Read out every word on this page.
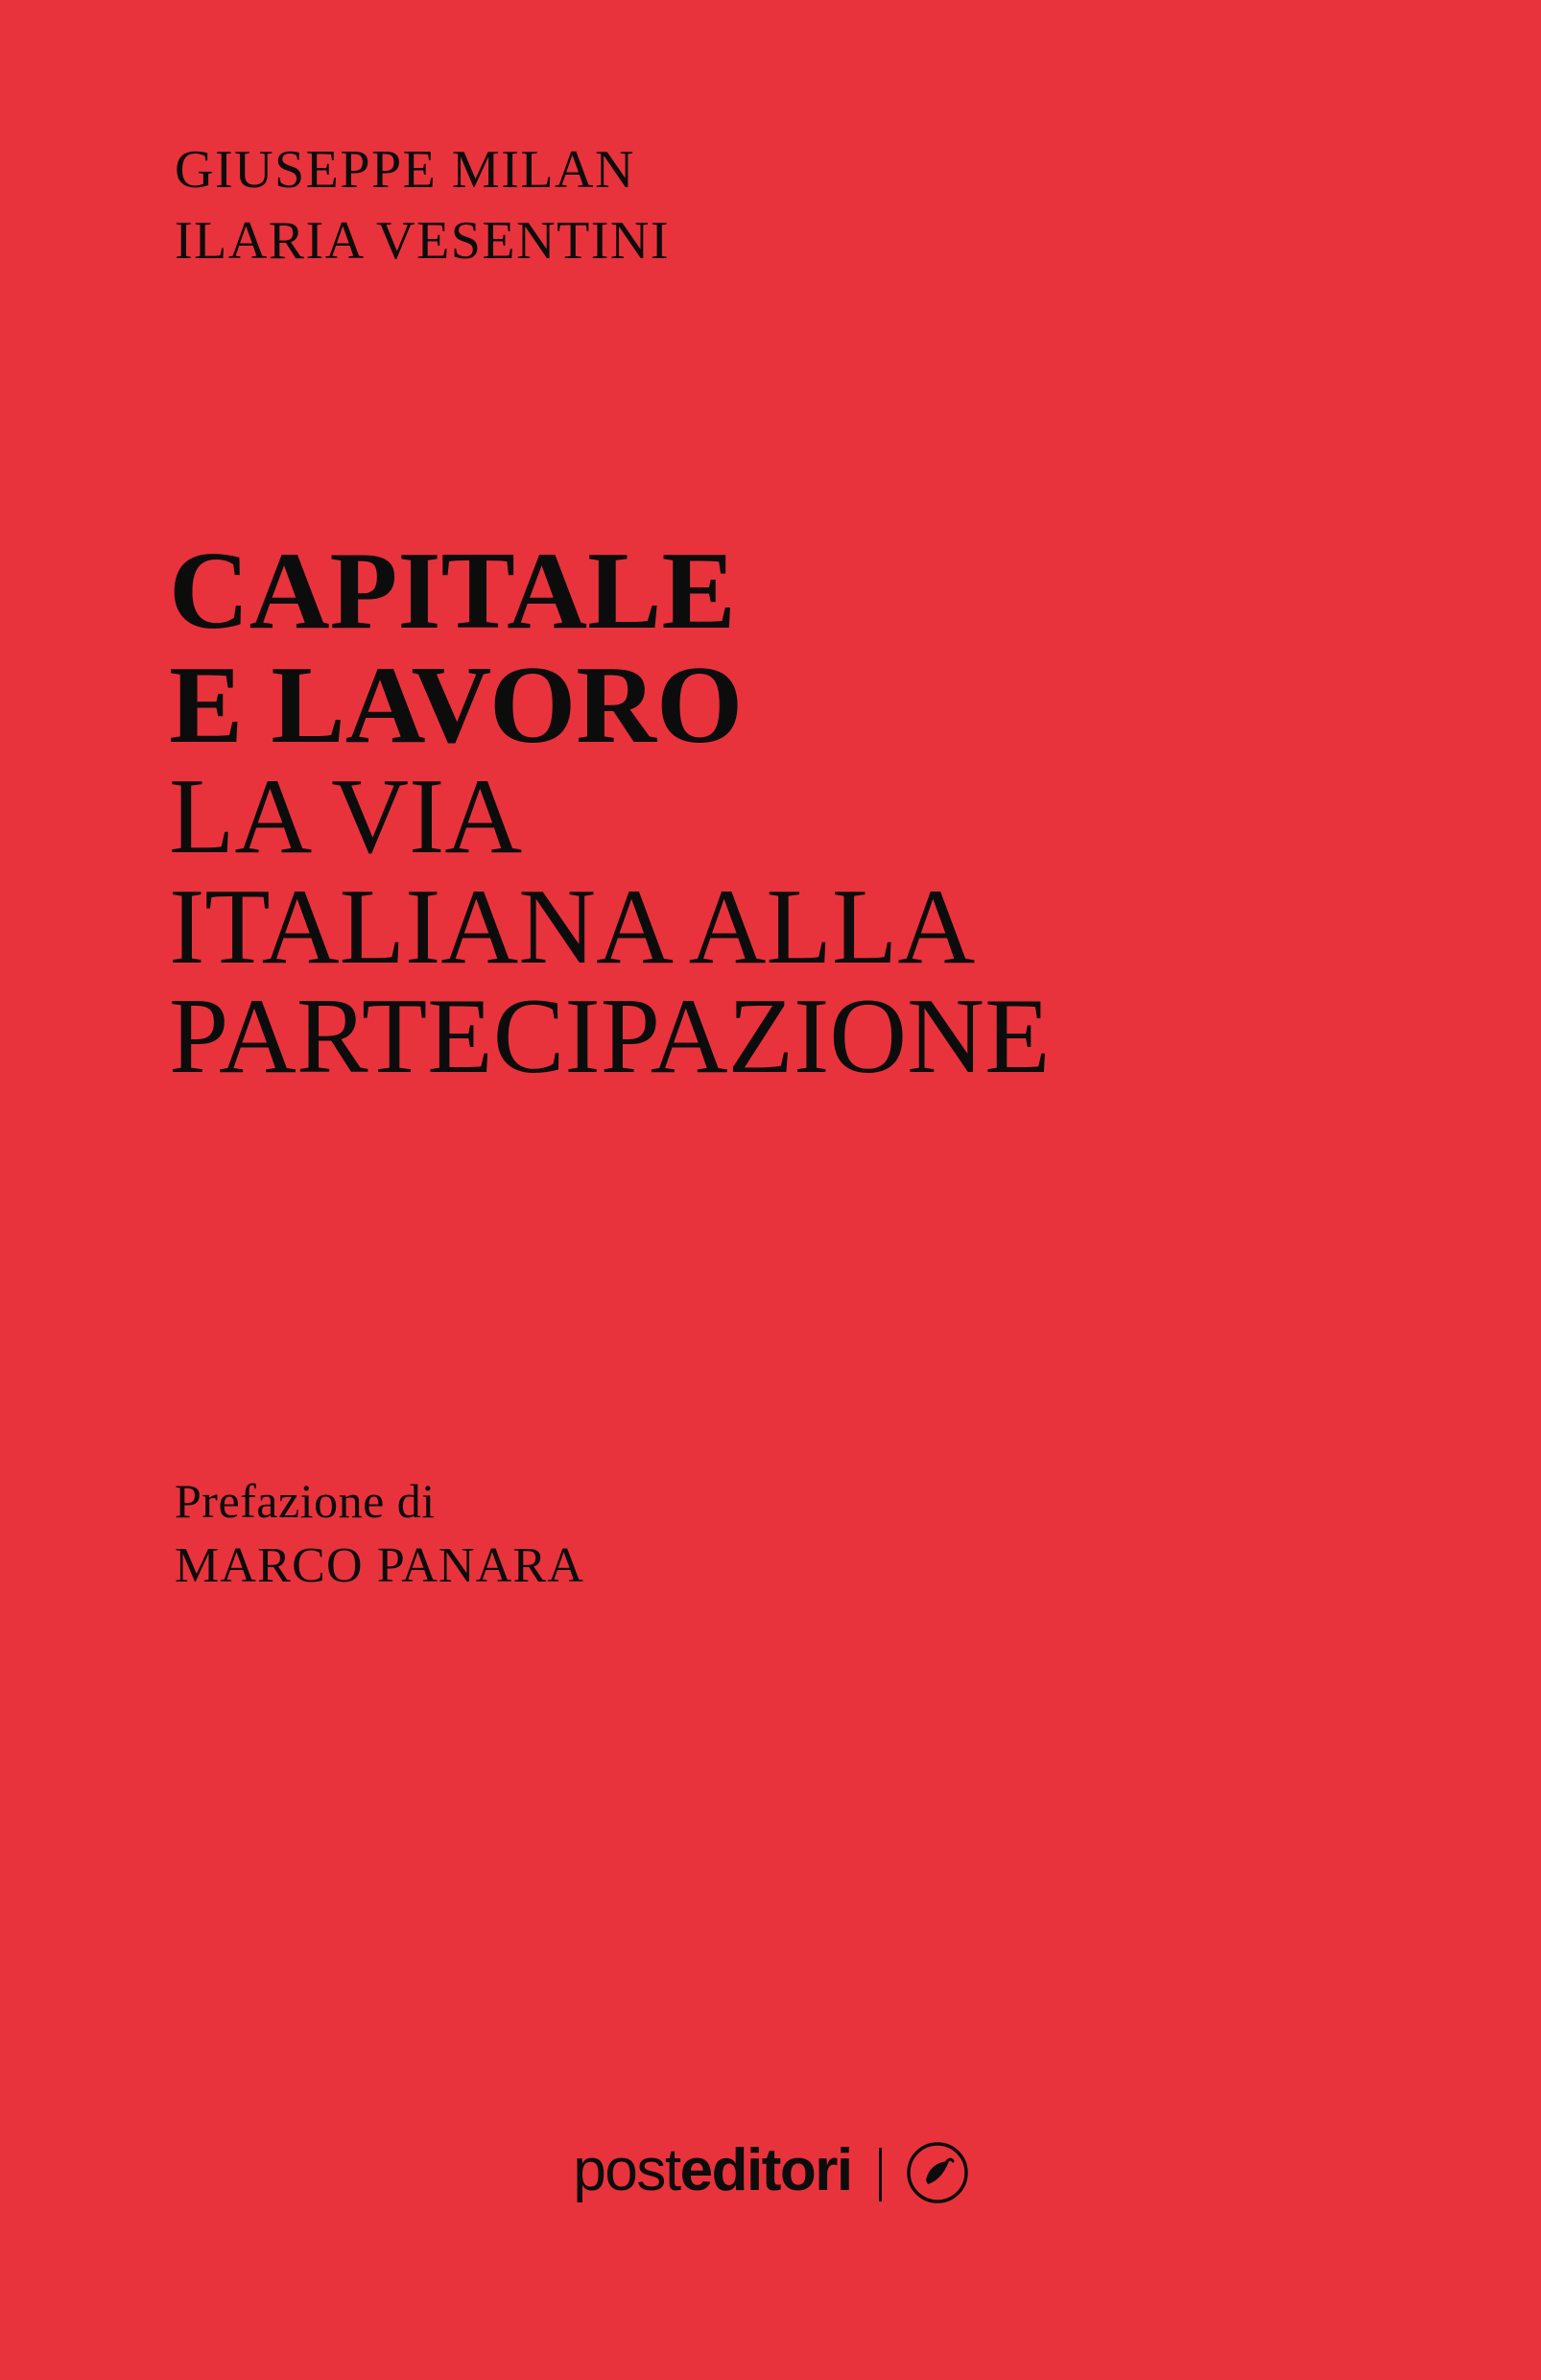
GIUSEPPE MILAN
ILARIA VESENTINI
CAPITALE
E LAVORO
LA VIA
ITALIANA ALLA
PARTECIPAZIONE
Prefazione di
MARCO PANARA
posteditori
